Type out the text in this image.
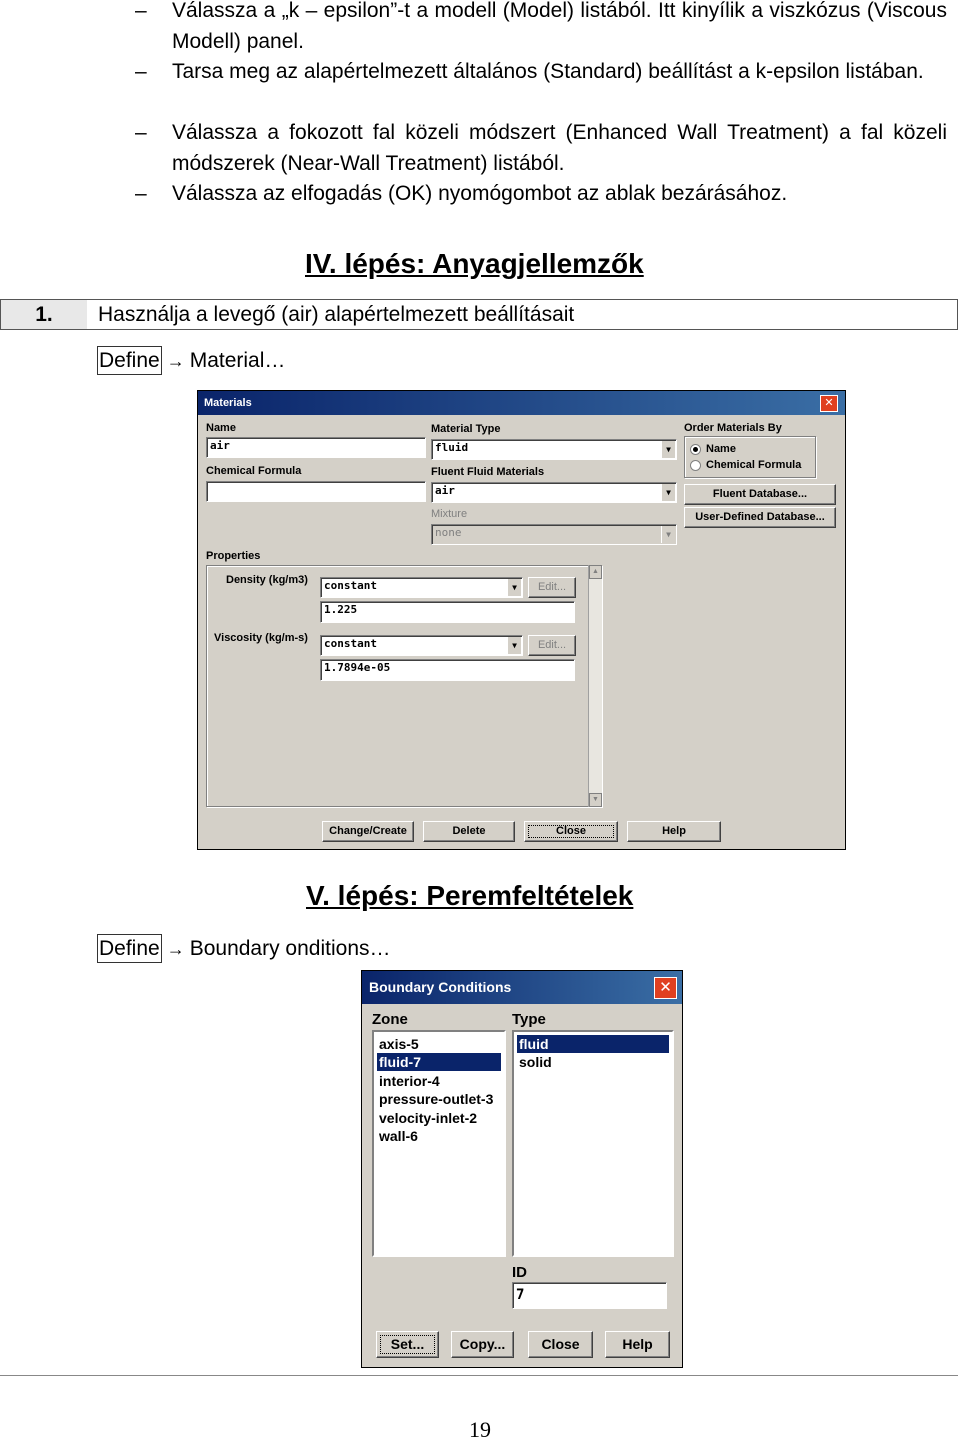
–	Válassza a „k – epsilon”-t a modell (Model) listából. Itt kinyílik a viszkózus (Viscous Modell) panel.
–	Tarsa meg az alapértelmezett általános (Standard) beállítást a k-epsilon listában.
–	Válassza a fokozott fal közeli módszert (Enhanced Wall Treatment) a fal közeli módszerek (Near-Wall Treatment) listából.
–	Válassza az elfogadás (OK) nyomógombot az ablak bezárásához.
IV. lépés: Anyagjellemzők
1.	Használja a levegő (air) alapértelmezett beállításait
Define → Material…
Materials	✕
Name
air
Chemical Formula
Material Type
fluid	▼
Fluent Fluid Materials
air	▼
Mixture
none	▼
Order Materials By
Name
Chemical Formula
Fluent Database...
User-Defined Database...
Properties
Density (kg/m3)	constant	▼	Edit...
1.225
Viscosity (kg/m-s)	constant	▼	Edit...
1.7894e-05
▲
▼
Change/Create	Delete	Close	Help
V. lépés: Peremfeltételek
Define → Boundary onditions…
Boundary Conditions	✕
Zone
axis-5
fluid-7
interior-4
pressure-outlet-3
velocity-inlet-2
wall-6
Type
fluid
solid
ID
7
Set...	Copy...	Close	Help
19
